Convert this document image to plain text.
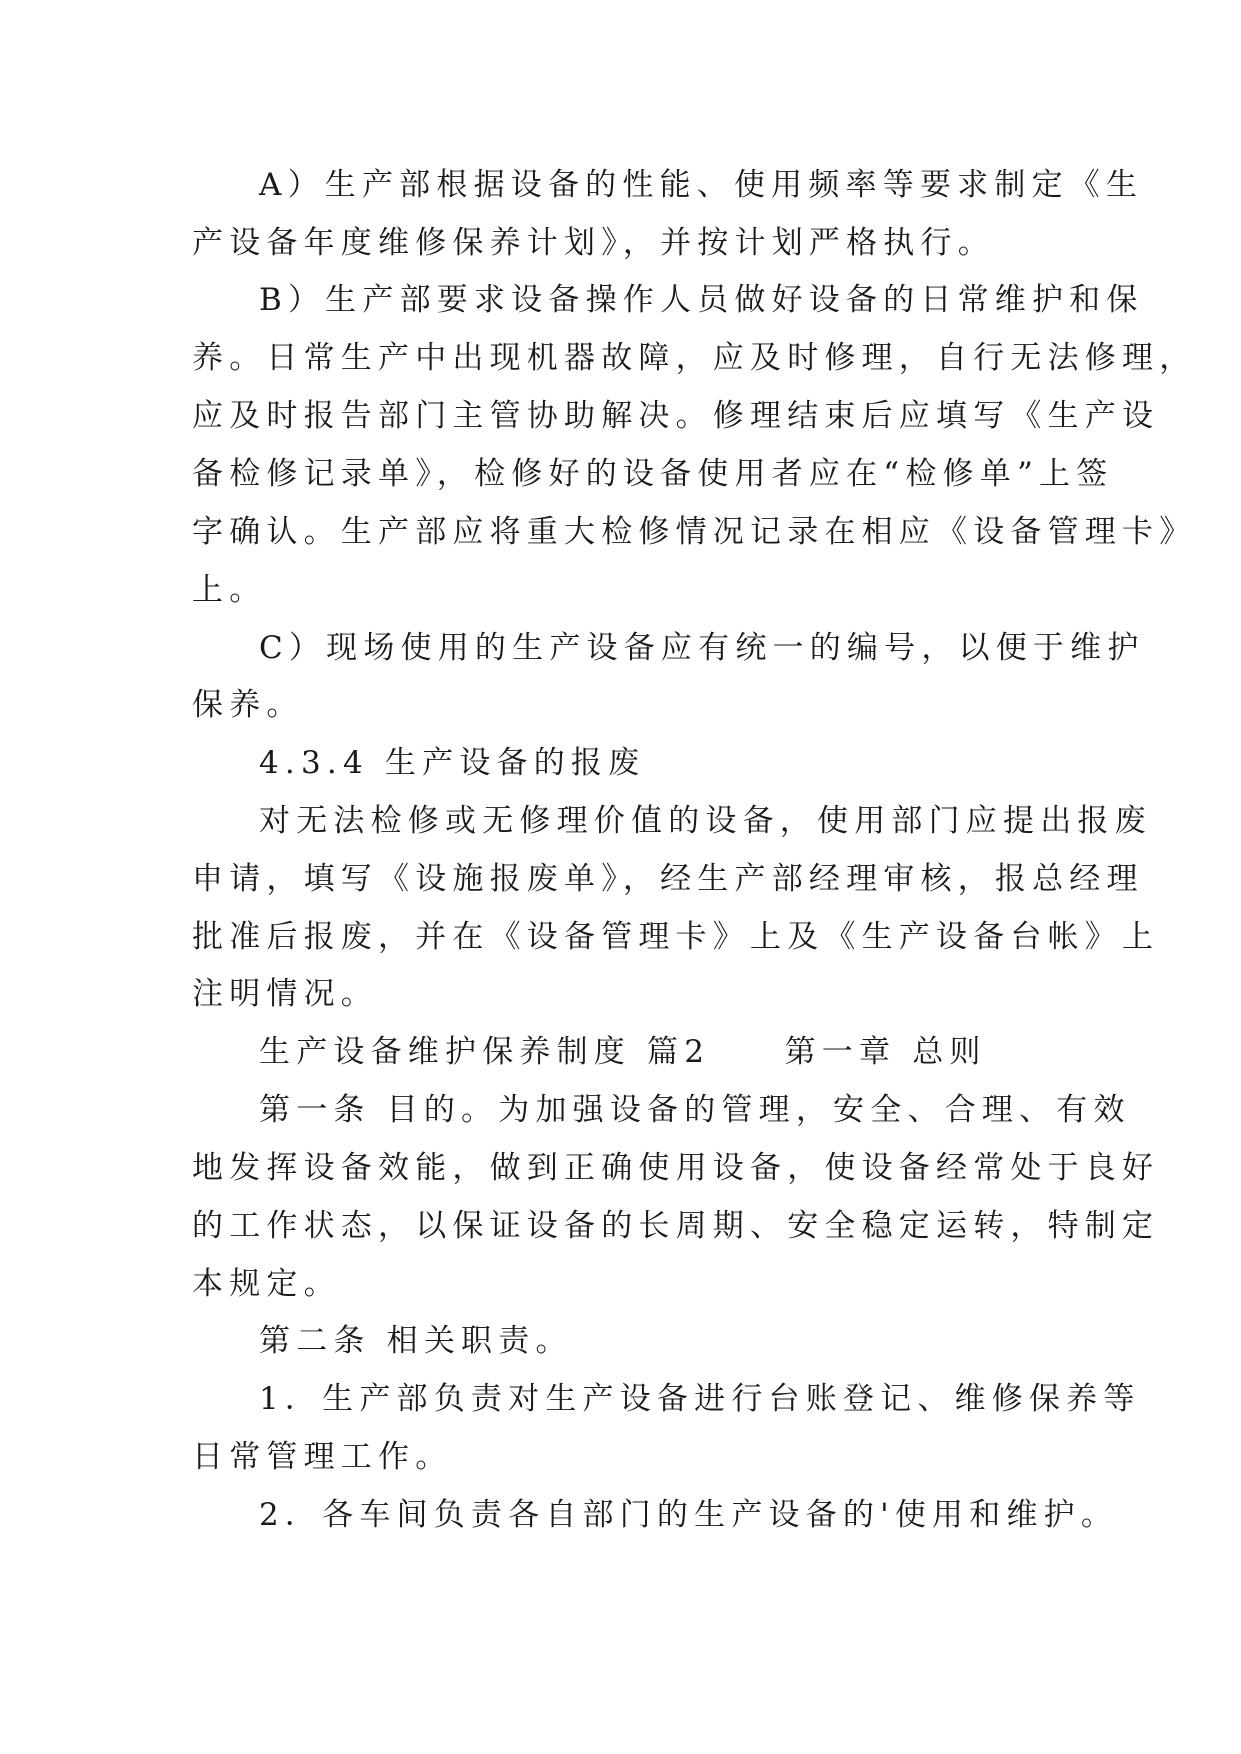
A）生产部根据设备的性能、使用频率等要求制定《生
产设备年度维修保养计划》，并按计划严格执行。
B）生产部要求设备操作人员做好设备的日常维护和保
养。日常生产中出现机器故障，应及时修理，自行无法修理，
应及时报告部门主管协助解决。修理结束后应填写《生产设
备检修记录单》，检修好的设备使用者应在“检修单”上签
字确认。生产部应将重大检修情况记录在相应《设备管理卡》
上。
C）现场使用的生产设备应有统一的编号，以便于维护
保养。
4.3.4 生产设备的报废
对无法检修或无修理价值的设备，使用部门应提出报废
申请，填写《设施报废单》，经生产部经理审核，报总经理
批准后报废，并在《设备管理卡》上及《生产设备台帐》上
注明情况。
生产设备维护保养制度 篇2　　第一章 总则
第一条 目的。为加强设备的管理，安全、合理、有效
地发挥设备效能，做到正确使用设备，使设备经常处于良好
的工作状态，以保证设备的长周期、安全稳定运转，特制定
本规定。
第二条 相关职责。
1．生产部负责对生产设备进行台账登记、维修保养等
日常管理工作。
2．各车间负责各自部门的生产设备的'使用和维护。
